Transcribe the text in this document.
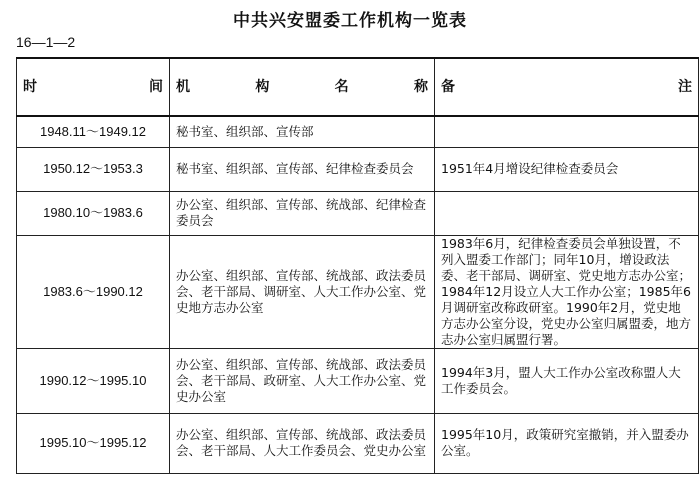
中共兴安盟委工作机构一览表
16—1—2
时间	机构名称	备注
1948.11～1949.12	秘书室、组织部、宣传部	
1950.12～1953.3	秘书室、组织部、宣传部、纪律检查委员会	1951年4月增设纪律检查委员会
1980.10～1983.6	办公室、组织部、宣传部、统战部、纪律检查委员会	
1983.6～1990.12	办公室、组织部、宣传部、统战部、政法委员会、老干部局、调研室、人大工作办公室、党史地方志办公室	1983年6月，纪律检查委员会单独设置，不列入盟委工作部门；同年10月，增设政法委、老干部局、调研室、党史地方志办公室；1984年12月设立人大工作办公室；1985年6月调研室改称政研室。1990年2月，党史地方志办公室分设，党史办公室归属盟委，地方志办公室归属盟行署。
1990.12～1995.10	办公室、组织部、宣传部、统战部、政法委员会、老干部局、政研室、人大工作办公室、党史办公室	1994年3月，盟人大工作办公室改称盟人大工作委员会。
1995.10～1995.12	办公室、组织部、宣传部、统战部、政法委员会、老干部局、人大工作委员会、党史办公室	1995年10月，政策研究室撤销，并入盟委办公室。
